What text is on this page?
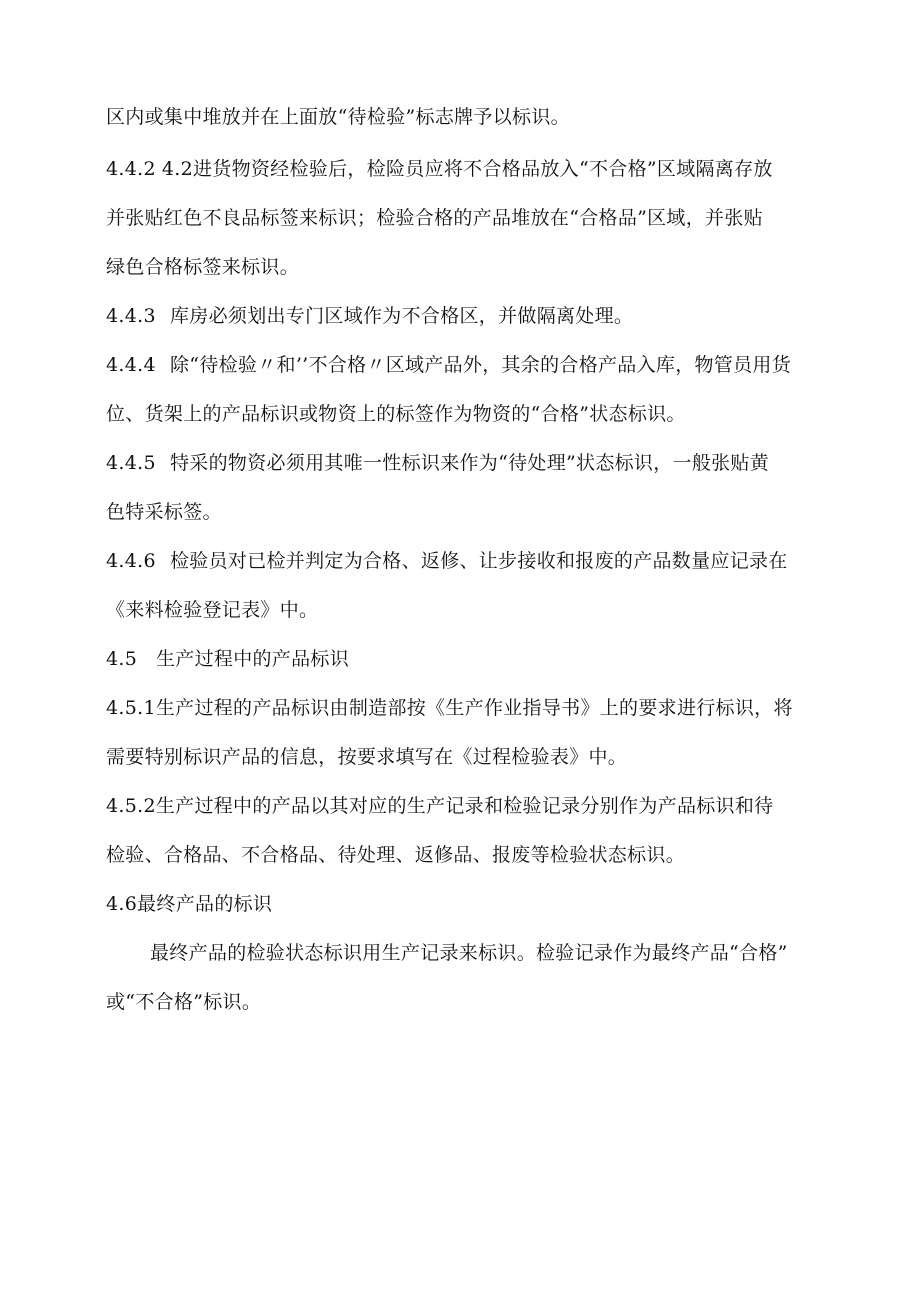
区内或集中堆放并在上面放“待检验”标志牌予以标识。
4.4.2 4.2进货物资经检验后，检险员应将不合格品放入“不合格”区域隔离存放
并张贴红色不良品标签来标识；检验合格的产品堆放在“合格品”区域，并张贴
绿色合格标签来标识。
4.4.3 库房必须划出专门区域作为不合格区，并做隔离处理。
4.4.4 除“待检验〃和’’不合格〃区域产品外，其余的合格产品入库，物管员用货
位、货架上的产品标识或物资上的标签作为物资的“合格”状态标识。
4.4.5 特采的物资必须用其唯一性标识来作为“待处理”状态标识，一般张贴黄
色特采标签。
4.4.6 检验员对已检并判定为合格、返修、让步接收和报废的产品数量应记录在
《来料检验登记表》中。
4.5 生产过程中的产品标识
4.5.1生产过程的产品标识由制造部按《生产作业指导书》上的要求进行标识，将
需要特别标识产品的信息，按要求填写在《过程检验表》中。
4.5.2生产过程中的产品以其对应的生产记录和检验记录分别作为产品标识和待
检验、合格品、不合格品、待处理、返修品、报废等检验状态标识。
4.6最终产品的标识
最终产品的检验状态标识用生产记录来标识。检验记录作为最终产品“合格”
或“不合格”标识。
